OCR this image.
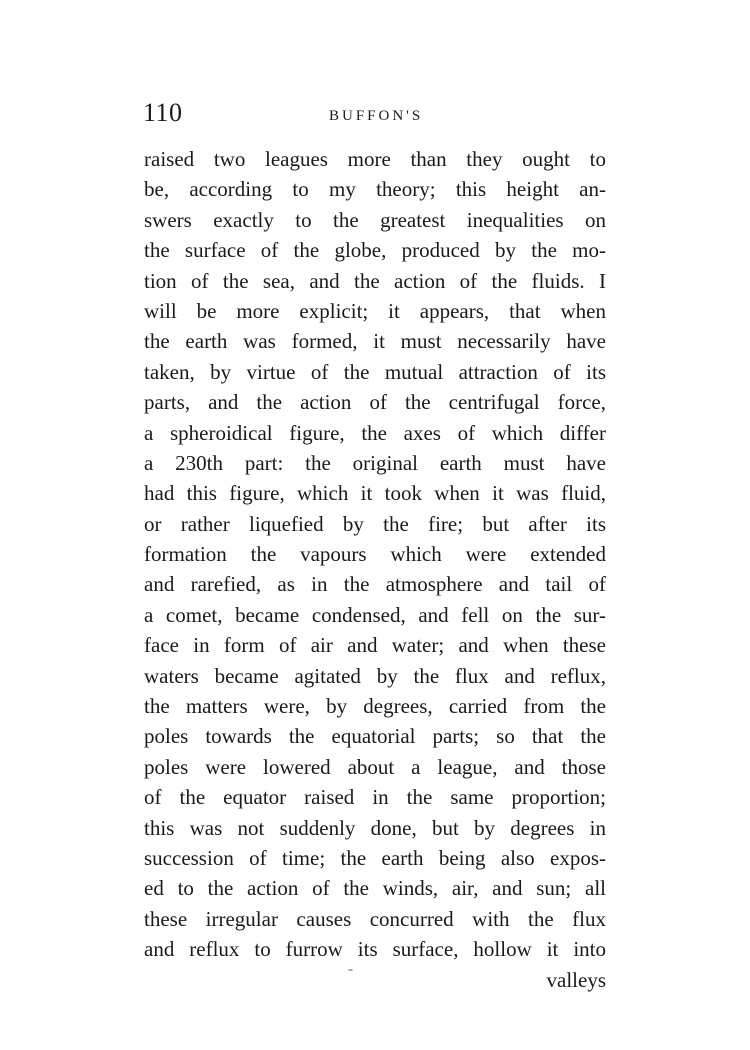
110	BUFFON'S
raised two leagues more than they ought to
be, according to my theory; this height an-
swers exactly to the greatest inequalities on
the surface of the globe, produced by the mo-
tion of the sea, and the action of the fluids. I
will be more explicit; it appears, that when
the earth was formed, it must necessarily have
taken, by virtue of the mutual attraction of its
parts, and the action of the centrifugal force,
a spheroidical figure, the axes of which differ
a 230th part: the original earth must have
had this figure, which it took when it was fluid,
or rather liquefied by the fire; but after its
formation the vapours which were extended
and rarefied, as in the atmosphere and tail of
a comet, became condensed, and fell on the sur-
face in form of air and water; and when these
waters became agitated by the flux and reflux,
the matters were, by degrees, carried from the
poles towards the equatorial parts; so that the
poles were lowered about a league, and those
of the equator raised in the same proportion;
this was not suddenly done, but by degrees in
succession of time; the earth being also expos-
ed to the action of the winds, air, and sun; all
these irregular causes concurred with the flux
and reflux to furrow its surface, hollow it into
valleys
ˉ
